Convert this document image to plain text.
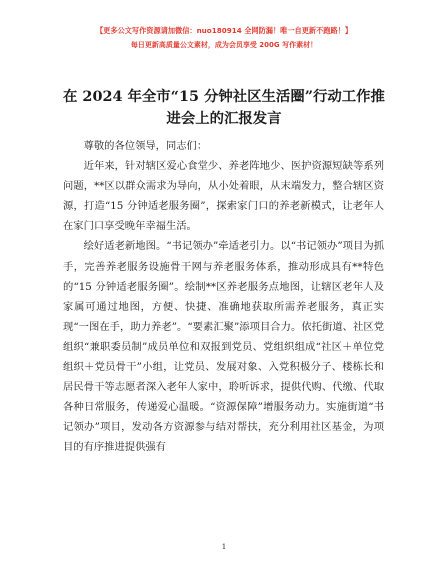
【更多公文写作资源请加微信：nuo180914 全网防漏！唯一自更新不跑路！】
每日更新高质量公文素材，成为会员享受 200G 写作素材！
在 2024 年全市“15 分钟社区生活圈”行动工作推进会上的汇报发言

尊敬的各位领导，同志们：

近年来，针对辖区爱心食堂少、养老阵地少、医护资源短缺等系列问题，**区以群众需求为导向，从小处着眼，从末端发力，整合辖区资源，打造“15 分钟适老服务圈”，探索家门口的养老新模式，让老年人在家门口享受晚年幸福生活。

绘好适老新地图。“书记领办”牵适老引力。以“书记领办”项目为抓手，完善养老服务设施骨干网与养老服务体系，推动形成具有**特色的“15 分钟适老服务圈”。绘制**区养老服务点地图，让辖区老年人及家属可通过地图，方便、快捷、准确地获取所需养老服务，真正实现“一图在手，助力养老”。“要素汇聚”添项目合力。依托街道、社区党组织“兼职委员制”成员单位和双报到党员、党组织组成“社区＋单位党组织＋党员骨干”小组，让党员、发展对象、入党积极分子、楼栋长和居民骨干等志愿者深入老年人家中，聆听诉求，提供代购、代缴、代取各种日常服务，传递爱心温暖。“资源保障”增服务动力。实施街道“书记领办”项目，发动各方资源参与结对帮扶，充分利用社区基金，为项目的有序推进提供强有

1
